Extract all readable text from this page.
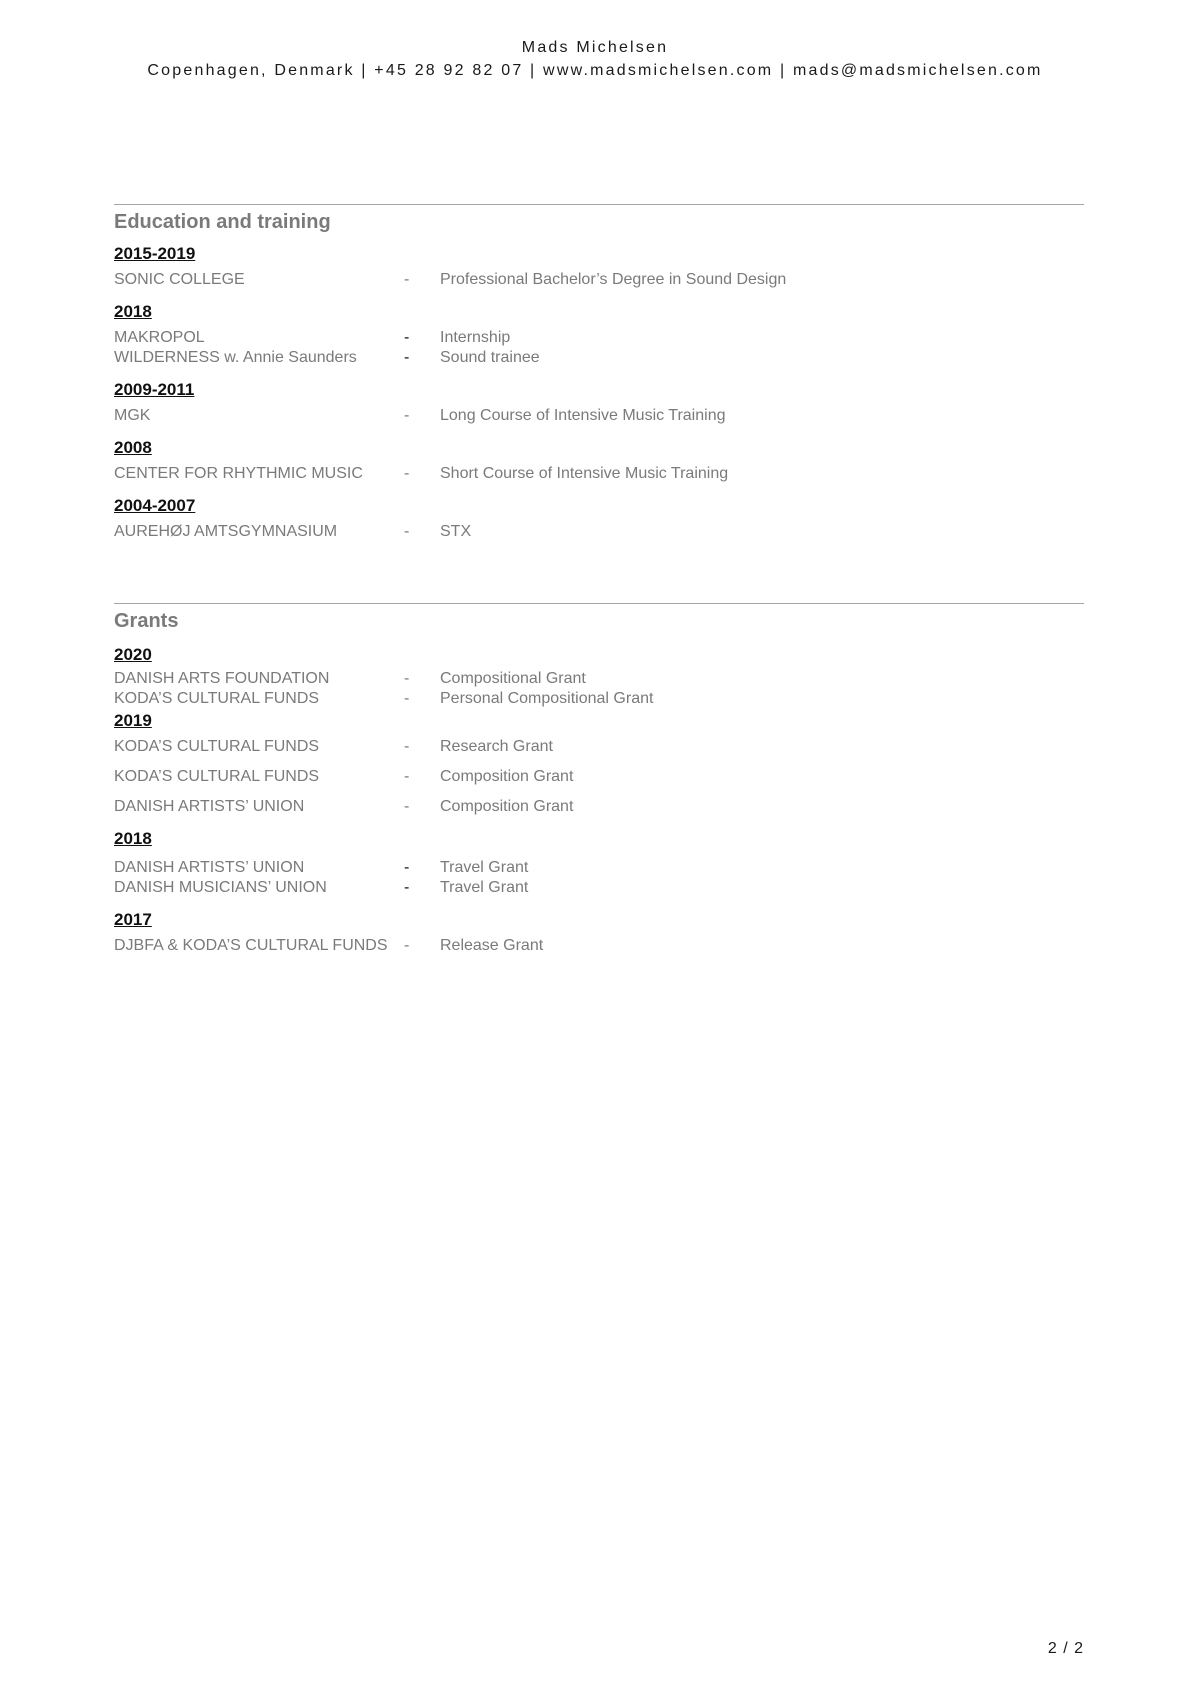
Mads Michelsen
Copenhagen, Denmark | +45 28 92 82 07 | www.madsmichelsen.com | mads@madsmichelsen.com
Education and training
2015-2019
SONIC COLLEGE	- Professional Bachelor’s Degree in Sound Design
2018
MAKROPOL	- Internship
WILDERNESS w. Annie Saunders	- Sound trainee
2009-2011
MGK	- Long Course of Intensive Music Training
2008
CENTER FOR RHYTHMIC MUSIC	- Short Course of Intensive Music Training
2004-2007
AUREHØJ AMTSGYMNASIUM	- STX
Grants
2020
DANISH ARTS FOUNDATION	- Compositional Grant
KODA’S CULTURAL FUNDS	- Personal Compositional Grant
2019
KODA’S CULTURAL FUNDS	- Research Grant
KODA’S CULTURAL FUNDS	- Composition Grant
DANISH ARTISTS’ UNION	- Composition Grant
2018
DANISH ARTISTS’ UNION	- Travel Grant
DANISH MUSICIANS’ UNION	- Travel Grant
2017
DJBFA & KODA’S CULTURAL FUNDS - Release Grant
2 / 2
